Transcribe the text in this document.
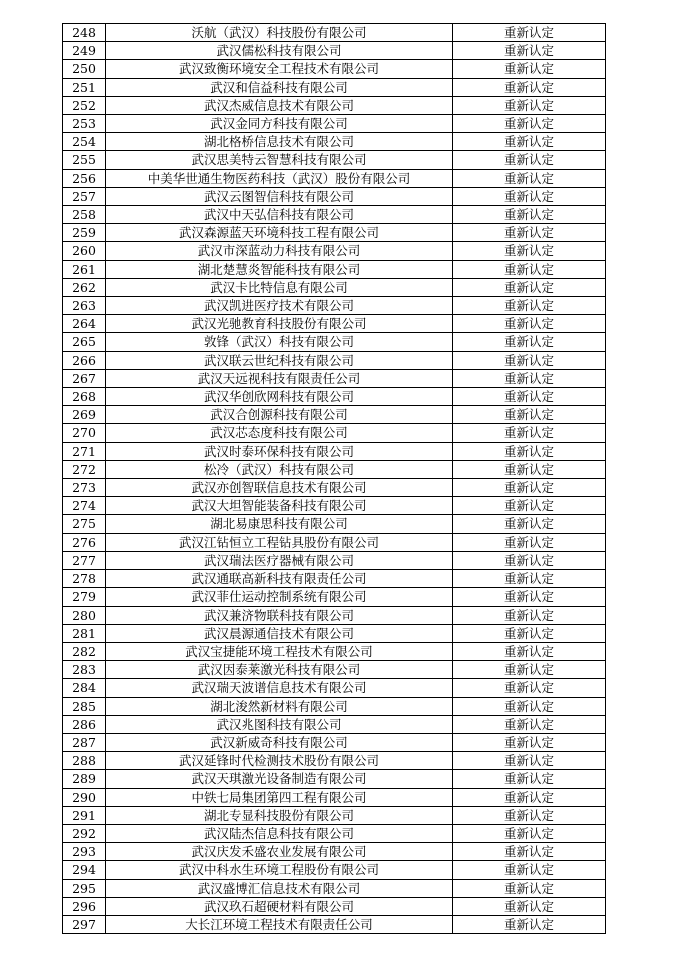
248	沃航（武汉）科技股份有限公司	重新认定
249	武汉儒松科技有限公司	重新认定
250	武汉致衡环境安全工程技术有限公司	重新认定
251	武汉和信益科技有限公司	重新认定
252	武汉杰威信息技术有限公司	重新认定
253	武汉金同方科技有限公司	重新认定
254	湖北格桥信息技术有限公司	重新认定
255	武汉思美特云智慧科技有限公司	重新认定
256	中美华世通生物医药科技（武汉）股份有限公司	重新认定
257	武汉云图智信科技有限公司	重新认定
258	武汉中天弘信科技有限公司	重新认定
259	武汉森源蓝天环境科技工程有限公司	重新认定
260	武汉市深蓝动力科技有限公司	重新认定
261	湖北楚慧炎智能科技有限公司	重新认定
262	武汉卡比特信息有限公司	重新认定
263	武汉凯进医疗技术有限公司	重新认定
264	武汉光驰教育科技股份有限公司	重新认定
265	敦锋（武汉）科技有限公司	重新认定
266	武汉联云世纪科技有限公司	重新认定
267	武汉天远视科技有限责任公司	重新认定
268	武汉华创欣网科技有限公司	重新认定
269	武汉合创源科技有限公司	重新认定
270	武汉芯态度科技有限公司	重新认定
271	武汉时泰环保科技有限公司	重新认定
272	松冷（武汉）科技有限公司	重新认定
273	武汉亦创智联信息技术有限公司	重新认定
274	武汉大坦智能装备科技有限公司	重新认定
275	湖北易康思科技有限公司	重新认定
276	武汉江钻恒立工程钻具股份有限公司	重新认定
277	武汉瑞法医疗器械有限公司	重新认定
278	武汉通联高新科技有限责任公司	重新认定
279	武汉菲仕运动控制系统有限公司	重新认定
280	武汉兼济物联科技有限公司	重新认定
281	武汉晨源通信技术有限公司	重新认定
282	武汉宝捷能环境工程技术有限公司	重新认定
283	武汉因泰莱激光科技有限公司	重新认定
284	武汉瑞天波谱信息技术有限公司	重新认定
285	湖北浚然新材料有限公司	重新认定
286	武汉兆图科技有限公司	重新认定
287	武汉新威奇科技有限公司	重新认定
288	武汉延锋时代检测技术股份有限公司	重新认定
289	武汉天琪激光设备制造有限公司	重新认定
290	中铁七局集团第四工程有限公司	重新认定
291	湖北专显科技股份有限公司	重新认定
292	武汉陆杰信息科技有限公司	重新认定
293	武汉庆发禾盛农业发展有限公司	重新认定
294	武汉中科水生环境工程股份有限公司	重新认定
295	武汉盛博汇信息技术有限公司	重新认定
296	武汉玖石超硬材料有限公司	重新认定
297	大长江环境工程技术有限责任公司	重新认定
